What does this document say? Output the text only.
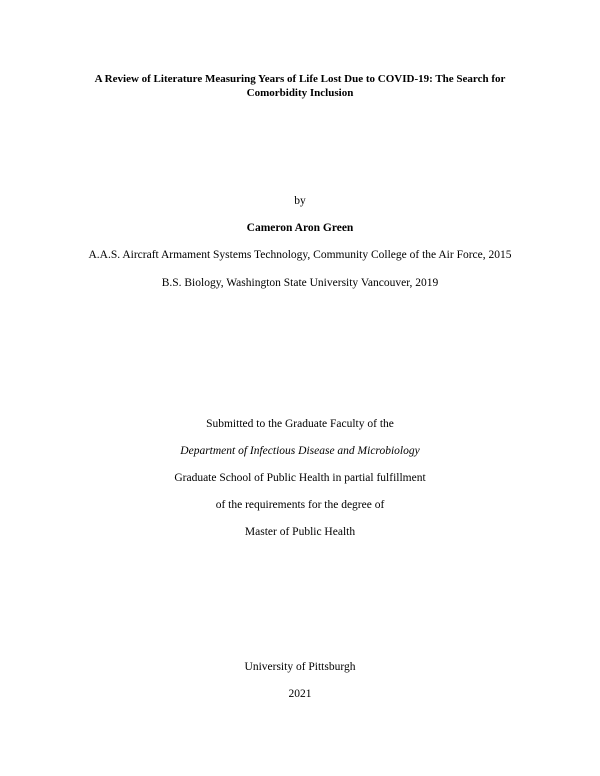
A Review of Literature Measuring Years of Life Lost Due to COVID-19: The Search for
Comorbidity Inclusion
by
Cameron Aron Green
A.A.S. Aircraft Armament Systems Technology, Community College of the Air Force, 2015
B.S. Biology, Washington State University Vancouver, 2019
Submitted to the Graduate Faculty of the
Department of Infectious Disease and Microbiology
Graduate School of Public Health in partial fulfillment
of the requirements for the degree of
Master of Public Health
University of Pittsburgh
2021
